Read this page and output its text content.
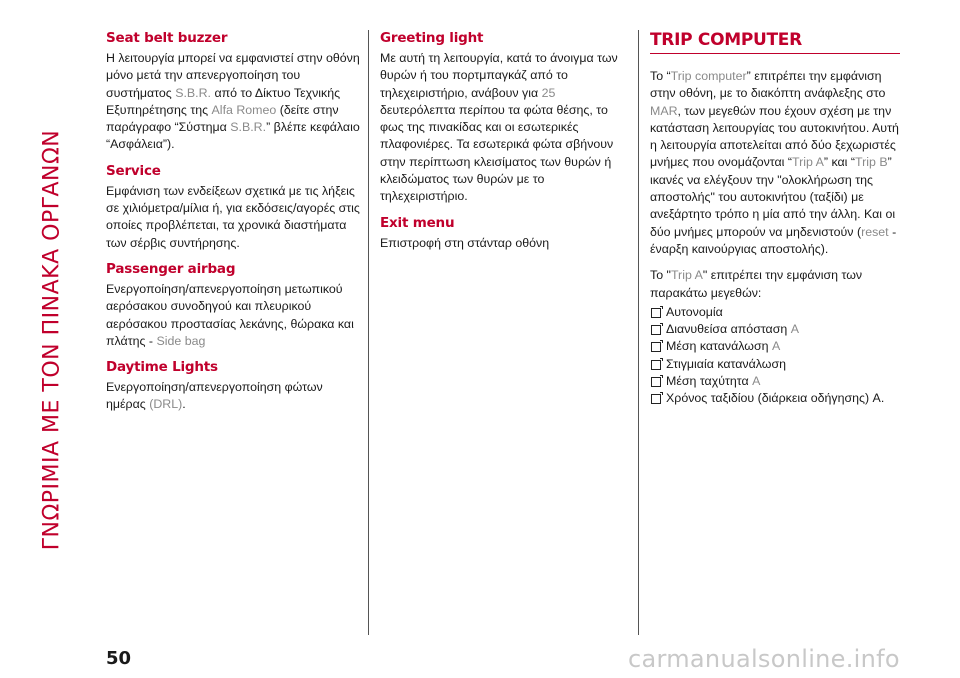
ΓΝΩΡΙΜΙΑ ΜΕ ΤΟΝ ΠΙΝΑΚΑ ΟΡΓΑΝΩΝ
Seat belt buzzer

Η λειτουργία μπορεί να εμφανιστεί στην οθόνη μόνο μετά την απενεργοποίηση του συστήματος S.B.R. από το Δίκτυο Τεχνικής Εξυπηρέτησης της Alfa Romeo (δείτε στην παράγραφο “Σύστημα S.B.R.” βλέπε κεφάλαιο “Ασφάλεια”).

Service

Εμφάνιση των ενδείξεων σχετικά με τις λήξεις σε χιλιόμετρα/μίλια ή, για εκδόσεις/αγορές στις οποίες προβλέπεται, τα χρονικά διαστήματα των σέρβις συντήρησης.

Passenger airbag

Ενεργοποίηση/απενεργοποίηση μετωπικού αερόσακου συνοδηγού και πλευρικού αερόσακου προστασίας λεκάνης, θώρακα και πλάτης - Side bag

Daytime Lights

Ενεργοποίηση/απενεργοποίηση φώτων ημέρας (DRL).

Greeting light

Με αυτή τη λειτουργία, κατά το άνοιγμα των θυρών ή του πορτμπαγκάζ από το τηλεχειριστήριο, ανάβουν για 25 δευτερόλεπτα περίπου τα φώτα θέσης, το φως της πινακίδας και οι εσωτερικές πλαφονιέρες. Τα εσωτερικά φώτα σβήνουν στην περίπτωση κλεισίματος των θυρών ή κλειδώματος των θυρών με το τηλεχειριστήριο.

Exit menu

Επιστροφή στη στάνταρ οθόνη

TRIP COMPUTER

Το “Trip computer” επιτρέπει την εμφάνιση στην οθόνη, με το διακόπτη ανάφλεξης στο MAR, των μεγεθών που έχουν σχέση με την κατάσταση λειτουργίας του αυτοκινήτου. Αυτή η λειτουργία αποτελείται από δύο ξεχωριστές μνήμες που ονομάζονται “Trip A” και “Trip B” ικανές να ελέγξουν την "ολοκλήρωση της αποστολής" του αυτοκινήτου (ταξίδι) με ανεξάρτητο τρόπο η μία από την άλλη. Και οι δύο μνήμες μπορούν να μηδενιστούν (reset - έναρξη καινούργιας αποστολής).

Το "Trip A" επιτρέπει την εμφάνιση των παρακάτω μεγεθών:

Αυτονομία
Διανυθείσα απόσταση A
Μέση κατανάλωση A
Στιγμιαία κατανάλωση
Μέση ταχύτητα A
Χρόνος ταξιδίου (διάρκεια οδήγησης) A.
50	carmanualsonline.info
